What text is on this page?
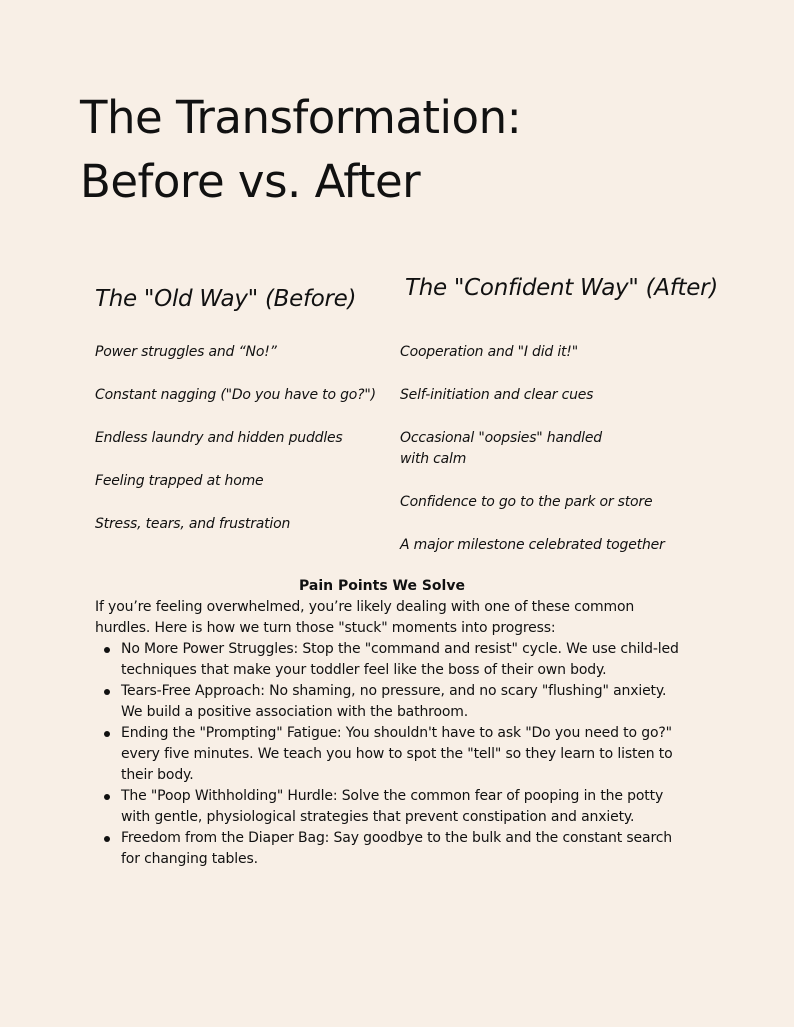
The Transformation:
Before vs. After
The "Old Way" (Before) The "Confident Way" (After)
Power struggles and “No!”
Constant nagging ("Do you have to go?")
Endless laundry and hidden puddles
Feeling trapped at home
Stress, tears, and frustration
Cooperation and "I did it!"
Self-initiation and clear cues
Occasional "oopsies" handled
with calm
Confidence to go to the park or store
A major milestone celebrated together
Pain Points We Solve

If you’re feeling overwhelmed, you’re likely dealing with one of these common hurdles. Here is how we turn those "stuck" moments into progress:

No More Power Struggles: Stop the "command and resist" cycle. We use child-led techniques that make your toddler feel like the boss of their own body.
Tears-Free Approach: No shaming, no pressure, and no scary "flushing" anxiety. We build a positive association with the bathroom.
Ending the "Prompting" Fatigue: You shouldn't have to ask "Do you need to go?" every five minutes. We teach you how to spot the "tell" so they learn to listen to their body.
The "Poop Withholding" Hurdle: Solve the common fear of pooping in the potty with gentle, physiological strategies that prevent constipation and anxiety.
Freedom from the Diaper Bag: Say goodbye to the bulk and the constant search for changing tables.
